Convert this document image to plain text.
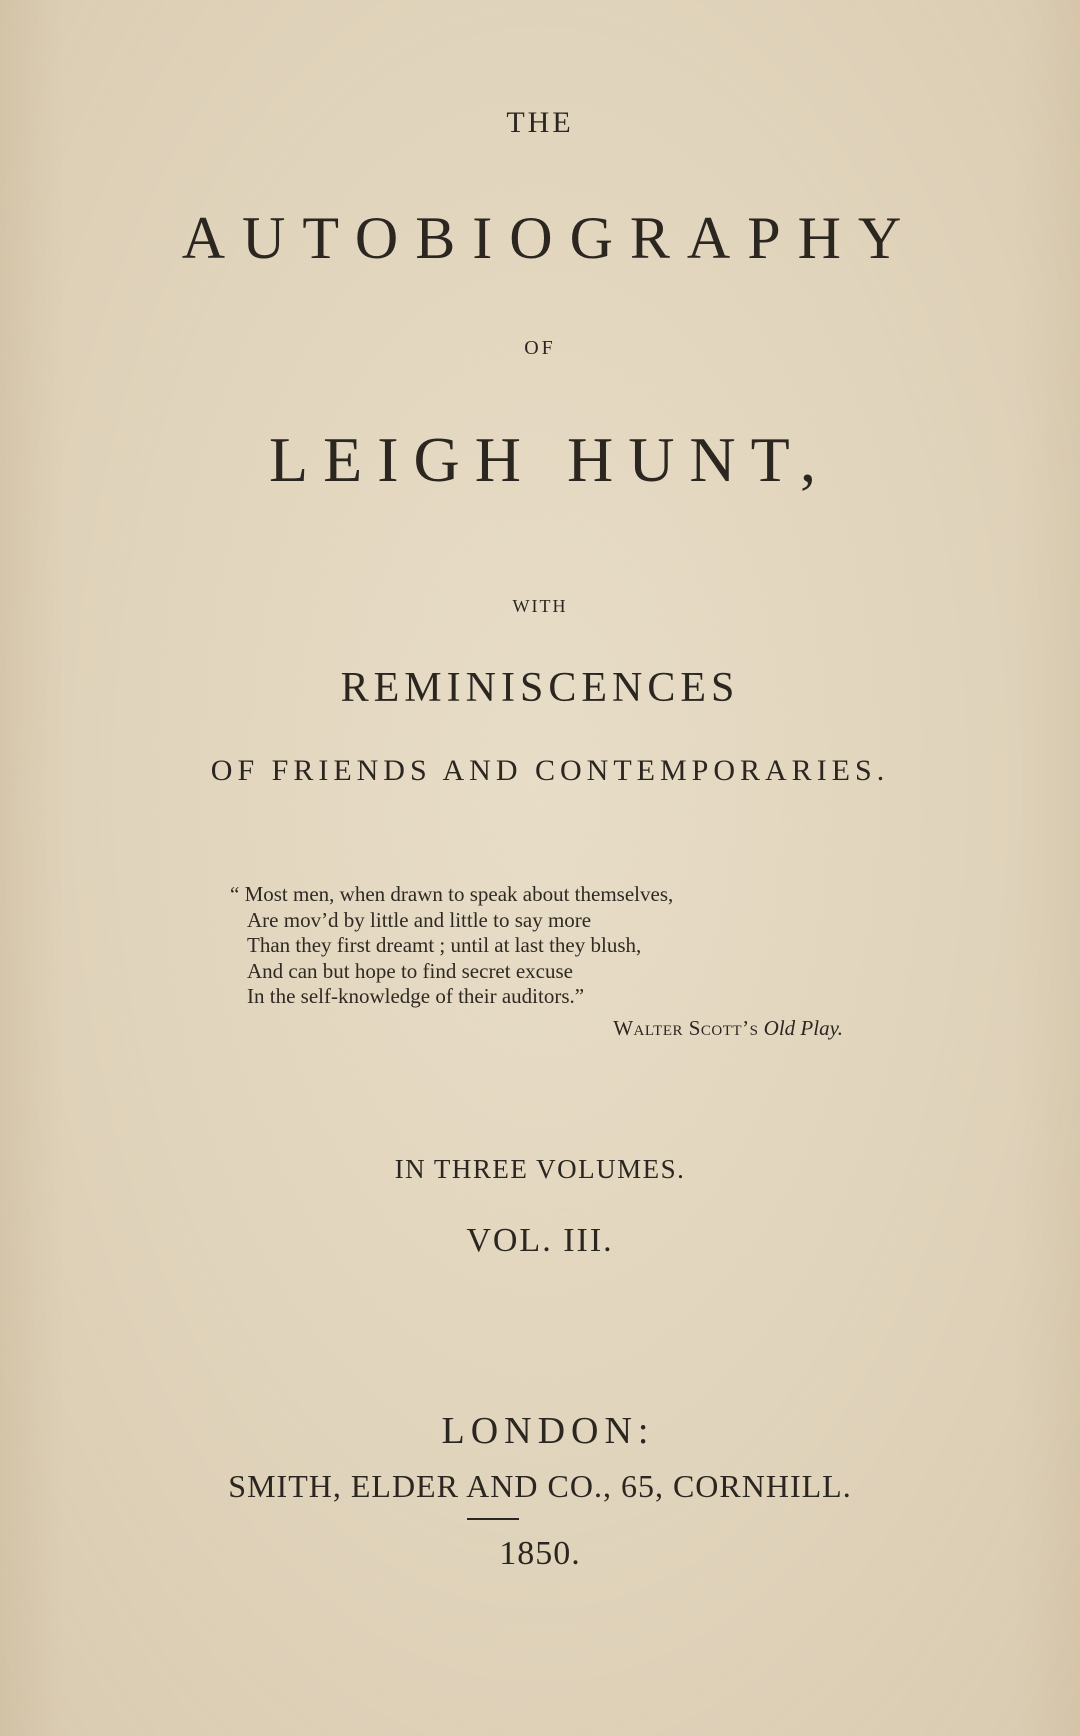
THE
AUTOBIOGRAPHY
OF
LEIGH HUNT,
WITH
REMINISCENCES
OF FRIENDS AND CONTEMPORARIES.
“ Most men, when drawn to speak about themselves,
Are mov’d by little and little to say more
Than they first dreamt ; until at last they blush,
And can but hope to find secret excuse
In the self-knowledge of their auditors.”
Walter Scott’s Old Play.
IN THREE VOLUMES.
VOL. III.
LONDON:
SMITH, ELDER AND CO., 65, CORNHILL.
1850.
